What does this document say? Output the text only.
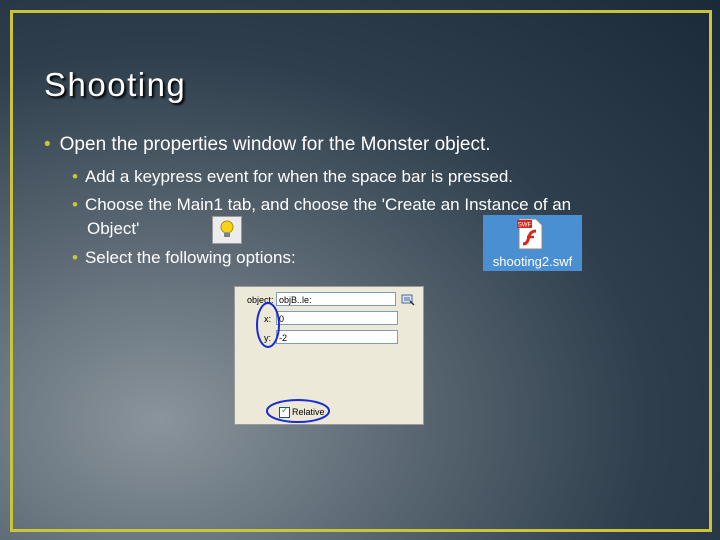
Shooting
• Open the properties window for the Monster object.
• Add a keypress event for when the space bar is pressed.
• Choose the Main1 tab, and choose the 'Create an Instance of an
Object'
• Select the following options:
SWF
shooting2.swf
object: objB..le:
x: 0
y: -2
✓ Relative
